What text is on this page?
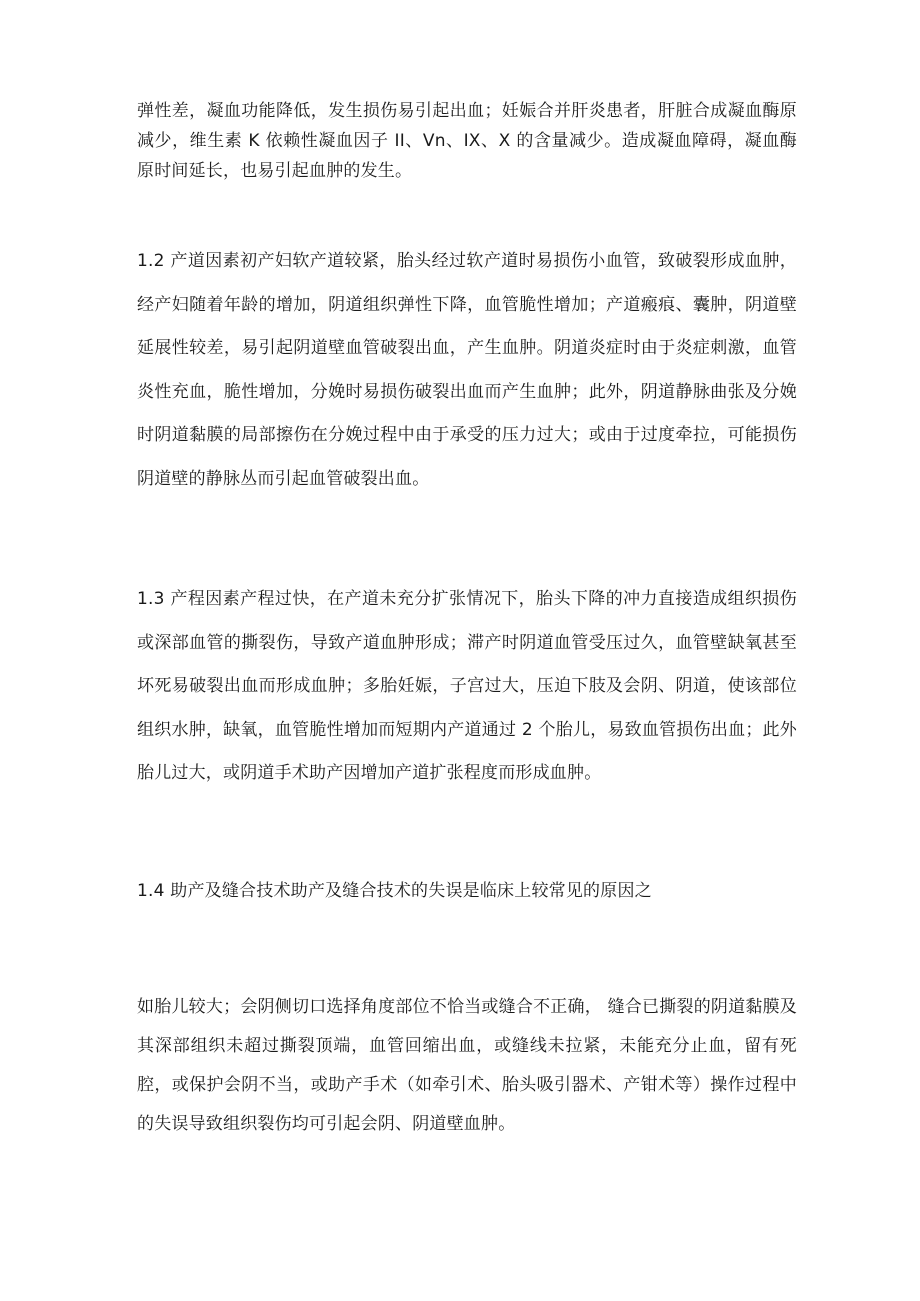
弹性差，凝血功能降低，发生损伤易引起出血；妊娠合并肝炎患者，肝脏合成凝血酶原减少，维生素 K 依赖性凝血因子 II、Vn、IX、X 的含量减少。造成凝血障碍，凝血酶原时间延长，也易引起血肿的发生。

1.2 产道因素初产妇软产道较紧，胎头经过软产道时易损伤小血管，致破裂形成血肿，经产妇随着年龄的增加，阴道组织弹性下降，血管脆性增加；产道瘢痕、囊肿，阴道壁延展性较差，易引起阴道壁血管破裂出血，产生血肿。阴道炎症时由于炎症刺激，血管炎性充血，脆性增加，分娩时易损伤破裂出血而产生血肿；此外，阴道静脉曲张及分娩时阴道黏膜的局部擦伤在分娩过程中由于承受的压力过大；或由于过度牵拉，可能损伤阴道壁的静脉丛而引起血管破裂出血。

1.3 产程因素产程过快，在产道未充分扩张情况下，胎头下降的冲力直接造成组织损伤或深部血管的撕裂伤，导致产道血肿形成；滞产时阴道血管受压过久，血管壁缺氧甚至坏死易破裂出血而形成血肿；多胎妊娠，子宫过大，压迫下肢及会阴、阴道，使该部位组织水肿，缺氧，血管脆性增加而短期内产道通过 2 个胎儿，易致血管损伤出血；此外胎儿过大，或阴道手术助产因增加产道扩张程度而形成血肿。

1.4 助产及缝合技术助产及缝合技术的失误是临床上较常见的原因之

如胎儿较大；会阴侧切口选择角度部位不恰当或缝合不正确， 缝合已撕裂的阴道黏膜及其深部组织未超过撕裂顶端，血管回缩出血，或缝线未拉紧，未能充分止血，留有死腔，或保护会阴不当，或助产手术（如牵引术、胎头吸引器术、产钳术等）操作过程中的失误导致组织裂伤均可引起会阴、阴道壁血肿。
